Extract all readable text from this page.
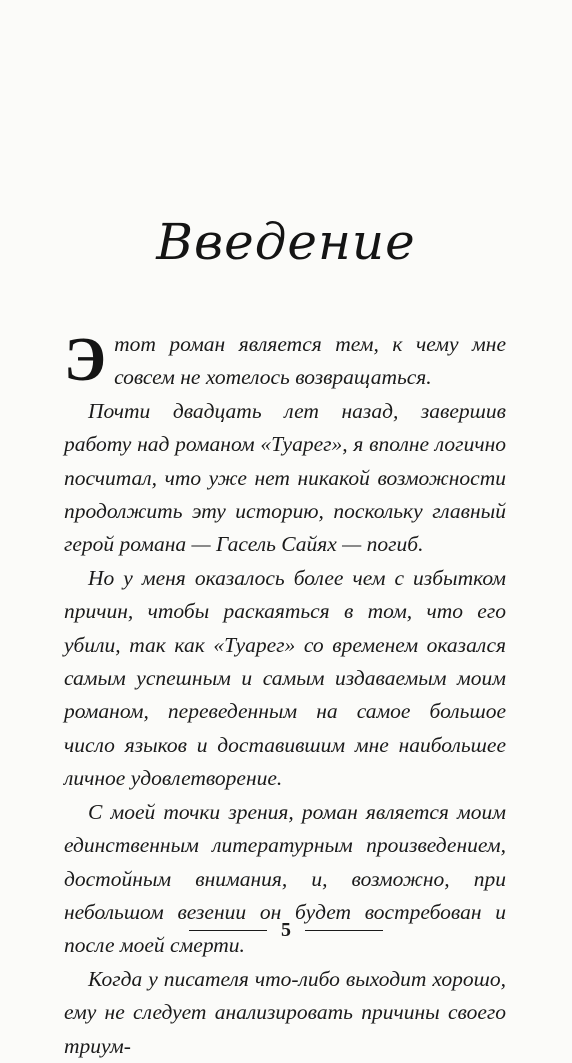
Введение

Этот роман является тем, к чему мне совсем не хотелось возвращаться.

Почти двадцать лет назад, завершив работу над романом «Туарег», я вполне логично посчитал, что уже нет никакой возможности продолжить эту историю, поскольку главный герой романа — Гасель Сайях — погиб.

Но у меня оказалось более чем с избытком причин, чтобы раскаяться в том, что его убили, так как «Туарег» со временем оказался самым успешным и самым издаваемым моим романом, переведенным на самое большое число языков и доставившим мне наибольшее личное удовлетворение.

С моей точки зрения, роман является моим единственным литературным произведением, достойным внимания, и, возможно, при небольшом везении он будет востребован и после моей смерти.

Когда у писателя что-либо выходит хорошо, ему не следует анализировать причины своего триум-

5
